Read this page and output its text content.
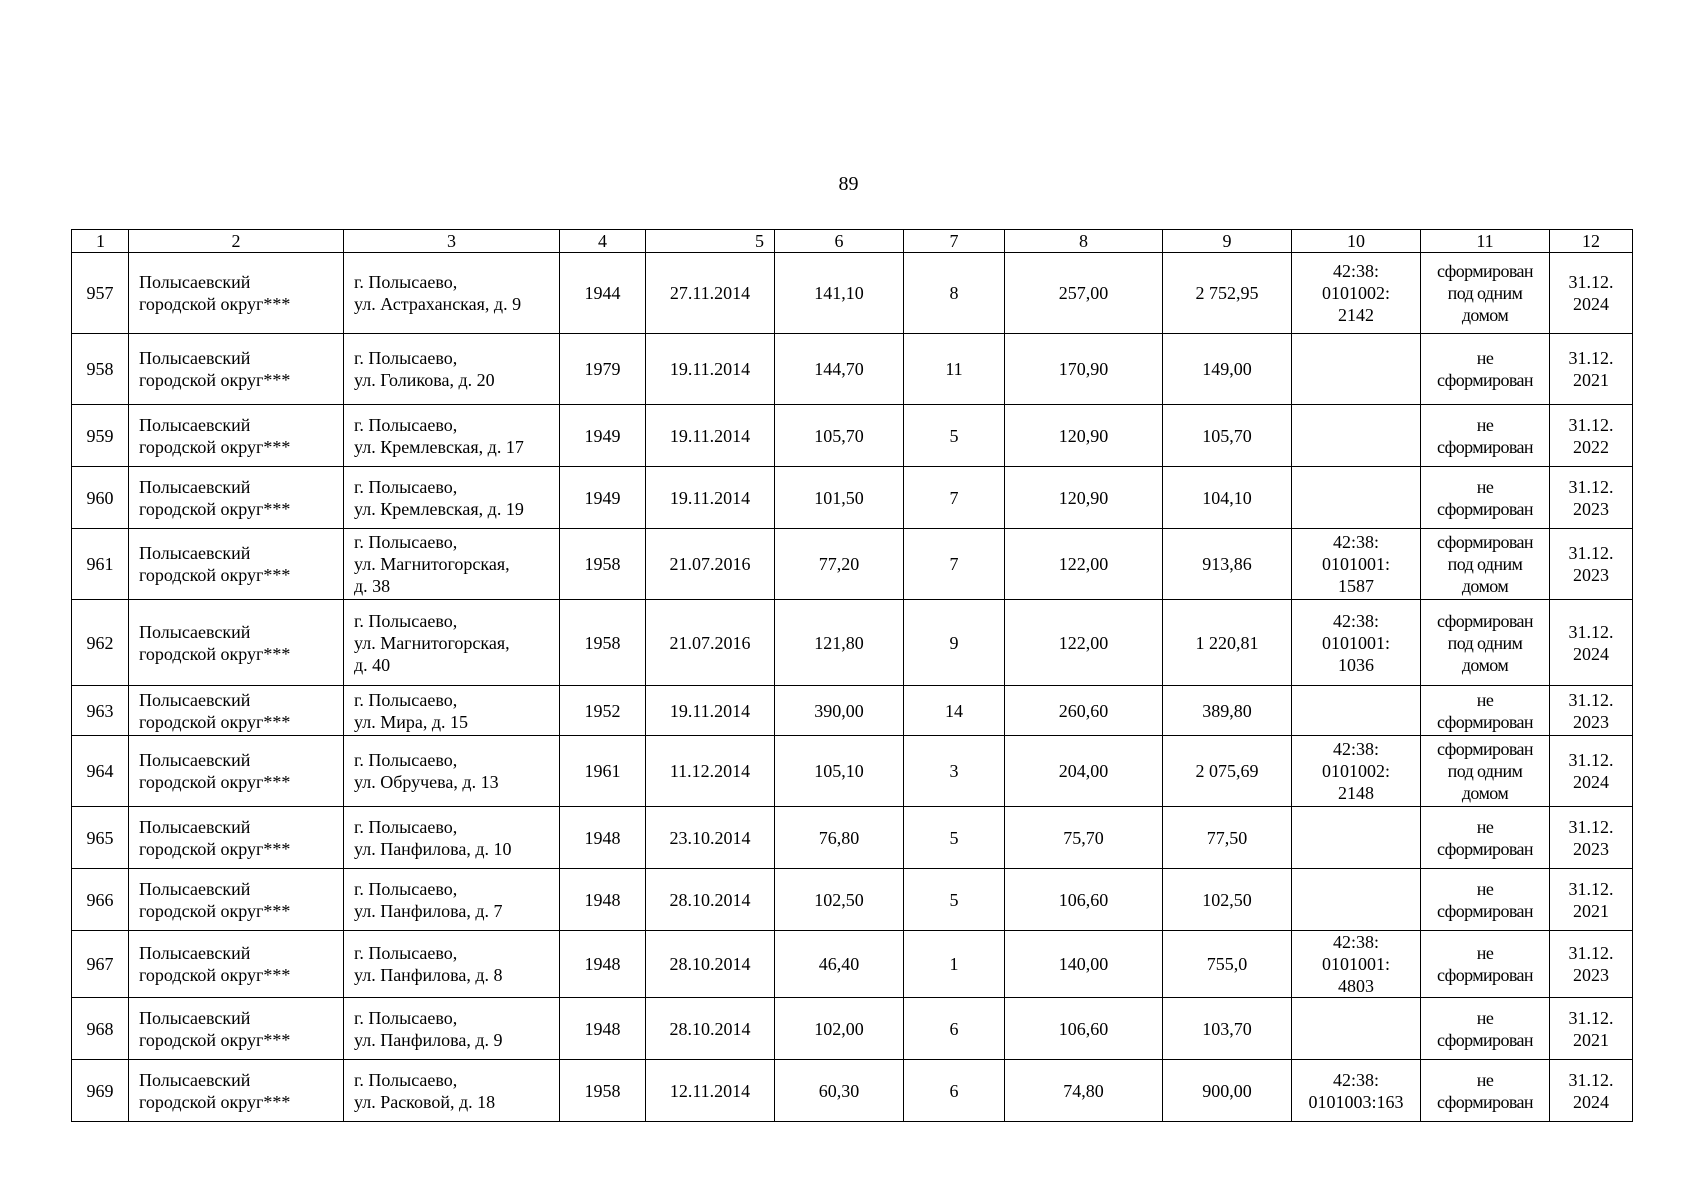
89
1	2	3	4	5	6	7	8	9	10	11	12
957	Полысаевский
городской округ***	г. Полысаево,
ул. Астраханская, д. 9	1944	27.11.2014	141,10	8	257,00	2 752,95	42:38:
0101002:
2142	сформирован
под одним
домом	31.12.
2024

958	Полысаевский
городской округ***	г. Полысаево,
ул. Голикова, д. 20	1979	19.11.2014	144,70	11	170,90	149,00		не
сформирован	31.12.
2021

959	Полысаевский
городской округ***	г. Полысаево,
ул. Кремлевская, д. 17	1949	19.11.2014	105,70	5	120,90	105,70		не
сформирован	31.12.
2022

960	Полысаевский
городской округ***	г. Полысаево,
ул. Кремлевская, д. 19	1949	19.11.2014	101,50	7	120,90	104,10		не
сформирован	31.12.
2023

961	Полысаевский
городской округ***	г. Полысаево,
ул. Магнитогорская,
д. 38	1958	21.07.2016	77,20	7	122,00	913,86	42:38:
0101001:
1587	сформирован
под одним
домом	31.12.
2023

962	Полысаевский
городской округ***	г. Полысаево,
ул. Магнитогорская,
д. 40	1958	21.07.2016	121,80	9	122,00	1 220,81	42:38:
0101001:
1036	сформирован
под одним
домом	31.12.
2024

963	Полысаевский
городской округ***	г. Полысаево,
ул. Мира, д. 15	1952	19.11.2014	390,00	14	260,60	389,80		не
сформирован	31.12.
2023

964	Полысаевский
городской округ***	г. Полысаево,
ул. Обручева, д. 13	1961	11.12.2014	105,10	3	204,00	2 075,69	42:38:
0101002:
2148	сформирован
под одним
домом	31.12.
2024

965	Полысаевский
городской округ***	г. Полысаево,
ул. Панфилова, д. 10	1948	23.10.2014	76,80	5	75,70	77,50		не
сформирован	31.12.
2023

966	Полысаевский
городской округ***	г. Полысаево,
ул. Панфилова, д. 7	1948	28.10.2014	102,50	5	106,60	102,50		не
сформирован	31.12.
2021

967	Полысаевский
городской округ***	г. Полысаево,
ул. Панфилова, д. 8	1948	28.10.2014	46,40	1	140,00	755,0	42:38:
0101001:
4803	не
сформирован	31.12.
2023

968	Полысаевский
городской округ***	г. Полысаево,
ул. Панфилова, д. 9	1948	28.10.2014	102,00	6	106,60	103,70		не
сформирован	31.12.
2021

969	Полысаевский
городской округ***	г. Полысаево,
ул. Расковой, д. 18	1958	12.11.2014	60,30	6	74,80	900,00	42:38:
0101003:163	не
сформирован	31.12.
2024
